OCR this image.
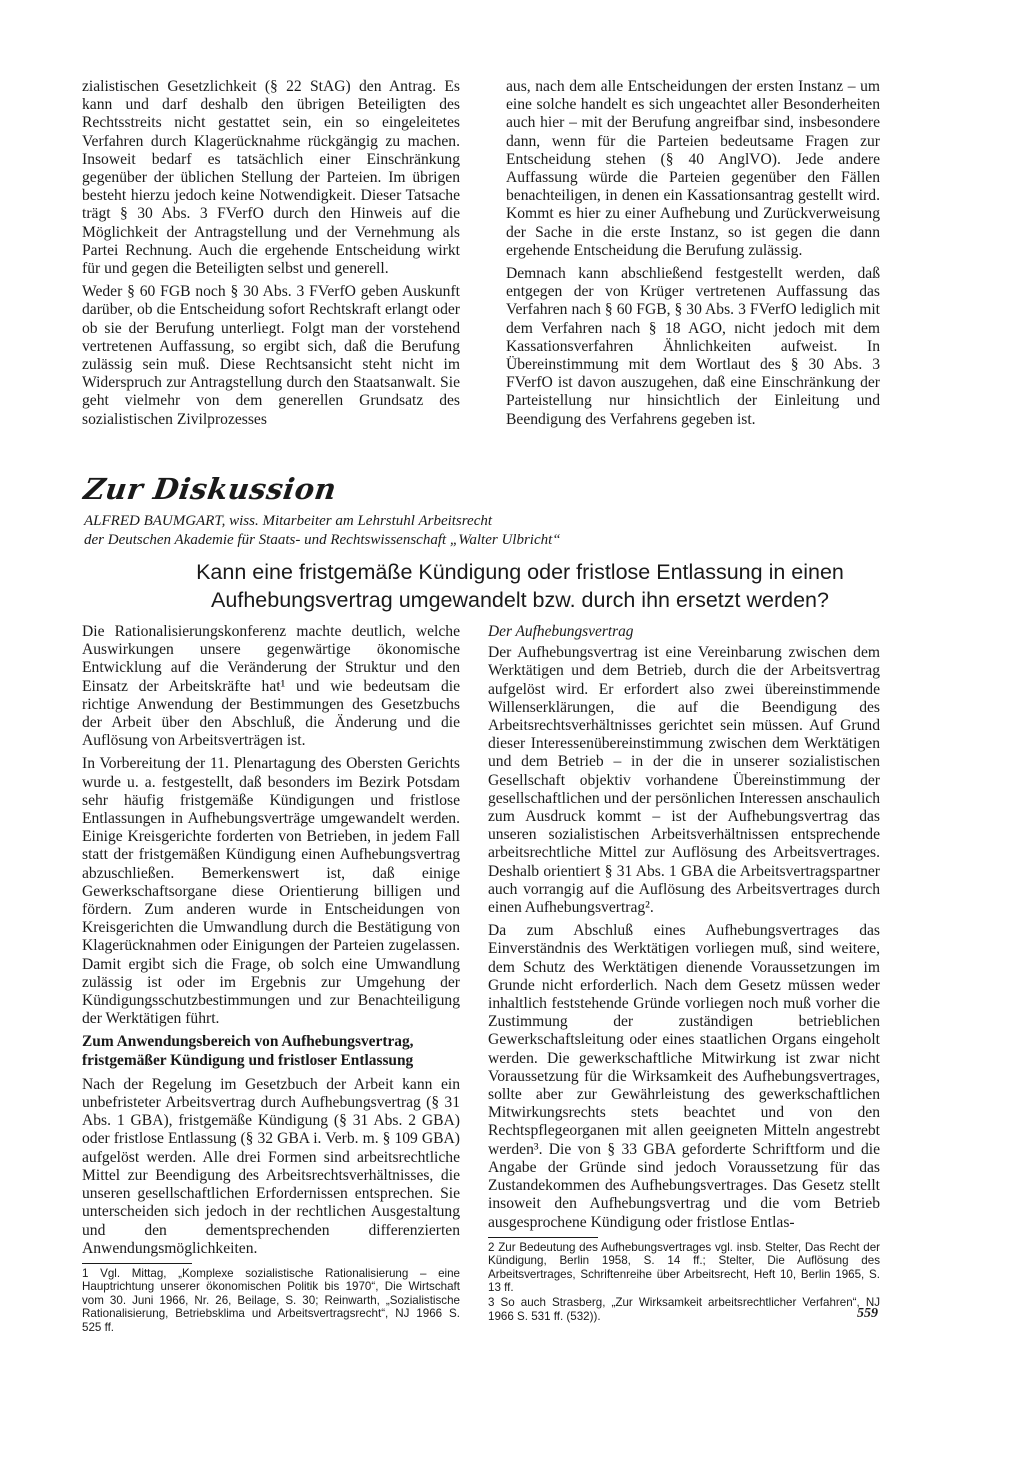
zialistischen Gesetzlichkeit (§ 22 StAG) den Antrag. Es kann und darf deshalb den übrigen Beteiligten des Rechtsstreits nicht gestattet sein, ein so eingeleitetes Verfahren durch Klagerücknahme rückgängig zu machen. Insoweit bedarf es tatsächlich einer Einschränkung gegenüber der üblichen Stellung der Parteien. Im übrigen besteht hierzu jedoch keine Notwendigkeit. Dieser Tatsache trägt § 30 Abs. 3 FVerfO durch den Hinweis auf die Möglichkeit der Antragstellung und der Vernehmung als Partei Rechnung. Auch die ergehende Entscheidung wirkt für und gegen die Beteiligten selbst und generell.

Weder § 60 FGB noch § 30 Abs. 3 FVerfO geben Auskunft darüber, ob die Entscheidung sofort Rechtskraft erlangt oder ob sie der Berufung unterliegt. Folgt man der vorstehend vertretenen Auffassung, so ergibt sich, daß die Berufung zulässig sein muß. Diese Rechtsansicht steht nicht im Widerspruch zur Antragstellung durch den Staatsanwalt. Sie geht vielmehr von dem generellen Grundsatz des sozialistischen Zivilprozesses

aus, nach dem alle Entscheidungen der ersten Instanz – um eine solche handelt es sich ungeachtet aller Besonderheiten auch hier – mit der Berufung angreifbar sind, insbesondere dann, wenn für die Parteien bedeutsame Fragen zur Entscheidung stehen (§ 40 AnglVO). Jede andere Auffassung würde die Parteien gegenüber den Fällen benachteiligen, in denen ein Kassationsantrag gestellt wird. Kommt es hier zu einer Aufhebung und Zurückverweisung der Sache in die erste Instanz, so ist gegen die dann ergehende Entscheidung die Berufung zulässig.

Demnach kann abschließend festgestellt werden, daß entgegen der von Krüger vertretenen Auffassung das Verfahren nach § 60 FGB, § 30 Abs. 3 FVerfO lediglich mit dem Verfahren nach § 18 AGO, nicht jedoch mit dem Kassationsverfahren Ähnlichkeiten aufweist. In Übereinstimmung mit dem Wortlaut des § 30 Abs. 3 FVerfO ist davon auszugehen, daß eine Einschränkung der Parteistellung nur hinsichtlich der Einleitung und Beendigung des Verfahrens gegeben ist.

Zur Diskussion
ALFRED BAUMGART, wiss. Mitarbeiter am Lehrstuhl Arbeitsrecht
der Deutschen Akademie für Staats- und Rechtswissenschaft „Walter Ulbricht“
Kann eine fristgemäße Kündigung oder fristlose Entlassung in einen
Aufhebungsvertrag umgewandelt bzw. durch ihn ersetzt werden?

Die Rationalisierungskonferenz machte deutlich, welche Auswirkungen unsere gegenwärtige ökonomische Entwicklung auf die Veränderung der Struktur und den Einsatz der Arbeitskräfte hat¹ und wie bedeutsam die richtige Anwendung der Bestimmungen des Gesetzbuchs der Arbeit über den Abschluß, die Änderung und die Auflösung von Arbeitsverträgen ist.

In Vorbereitung der 11. Plenartagung des Obersten Gerichts wurde u. a. festgestellt, daß besonders im Bezirk Potsdam sehr häufig fristgemäße Kündigungen und fristlose Entlassungen in Aufhebungsverträge umgewandelt werden. Einige Kreisgerichte forderten von Betrieben, in jedem Fall statt der fristgemäßen Kündigung einen Aufhebungsvertrag abzuschließen. Bemerkenswert ist, daß einige Gewerkschaftsorgane diese Orientierung billigen und fördern. Zum anderen wurde in Entscheidungen von Kreisgerichten die Umwandlung durch die Bestätigung von Klagerücknahmen oder Einigungen der Parteien zugelassen. Damit ergibt sich die Frage, ob solch eine Umwandlung zulässig ist oder im Ergebnis zur Umgehung der Kündigungsschutzbestimmungen und zur Benachteiligung der Werktätigen führt.

Zum Anwendungsbereich von Aufhebungsvertrag,
fristgemäßer Kündigung und fristloser Entlassung

Nach der Regelung im Gesetzbuch der Arbeit kann ein unbefristeter Arbeitsvertrag durch Aufhebungsvertrag (§ 31 Abs. 1 GBA), fristgemäße Kündigung (§ 31 Abs. 2 GBA) oder fristlose Entlassung (§ 32 GBA i. Verb. m. § 109 GBA) aufgelöst werden. Alle drei Formen sind arbeitsrechtliche Mittel zur Beendigung des Arbeitsrechtsverhältnisses, die unseren gesellschaftlichen Erfordernissen entsprechen. Sie unterscheiden sich jedoch in der rechtlichen Ausgestaltung und den dementsprechenden differenzierten Anwendungsmöglichkeiten.

1 Vgl. Mittag, „Komplexe sozialistische Rationalisierung – eine Hauptrichtung unserer ökonomischen Politik bis 1970“, Die Wirtschaft vom 30. Juni 1966, Nr. 26, Beilage, S. 30; Reinwarth, „Sozialistische Rationalisierung, Betriebsklima und Arbeitsvertragsrecht“, NJ 1966 S. 525 ff.

Der Aufhebungsvertrag

Der Aufhebungsvertrag ist eine Vereinbarung zwischen dem Werktätigen und dem Betrieb, durch die der Arbeitsvertrag aufgelöst wird. Er erfordert also zwei übereinstimmende Willenserklärungen, die auf die Beendigung des Arbeitsrechtsverhältnisses gerichtet sein müssen. Auf Grund dieser Interessenübereinstimmung zwischen dem Werktätigen und dem Betrieb – in der die in unserer sozialistischen Gesellschaft objektiv vorhandene Übereinstimmung der gesellschaftlichen und der persönlichen Interessen anschaulich zum Ausdruck kommt – ist der Aufhebungsvertrag das unseren sozialistischen Arbeitsverhältnissen entsprechende arbeitsrechtliche Mittel zur Auflösung des Arbeitsvertrages. Deshalb orientiert § 31 Abs. 1 GBA die Arbeitsvertragspartner auch vorrangig auf die Auflösung des Arbeitsvertrages durch einen Aufhebungsvertrag².

Da zum Abschluß eines Aufhebungsvertrages das Einverständnis des Werktätigen vorliegen muß, sind weitere, dem Schutz des Werktätigen dienende Voraussetzungen im Grunde nicht erforderlich. Nach dem Gesetz müssen weder inhaltlich feststehende Gründe vorliegen noch muß vorher die Zustimmung der zuständigen betrieblichen Gewerkschaftsleitung oder eines staatlichen Organs eingeholt werden. Die gewerkschaftliche Mitwirkung ist zwar nicht Voraussetzung für die Wirksamkeit des Aufhebungsvertrages, sollte aber zur Gewährleistung des gewerkschaftlichen Mitwirkungsrechts stets beachtet und von den Rechtspflegeorganen mit allen geeigneten Mitteln angestrebt werden³. Die von § 33 GBA geforderte Schriftform und die Angabe der Gründe sind jedoch Voraussetzung für das Zustandekommen des Aufhebungsvertrages. Das Gesetz stellt insoweit den Aufhebungsvertrag und die vom Betrieb ausgesprochene Kündigung oder fristlose Entlas-

2 Zur Bedeutung des Aufhebungsvertrages vgl. insb. Stelter, Das Recht der Kündigung, Berlin 1958, S. 14 ff.; Stelter, Die Auflösung des Arbeitsvertrages, Schriftenreihe über Arbeitsrecht, Heft 10, Berlin 1965, S. 13 ff.

3 So auch Strasberg, „Zur Wirksamkeit arbeitsrechtlicher Verfahren“, NJ 1966 S. 531 ff. (532)).	559
